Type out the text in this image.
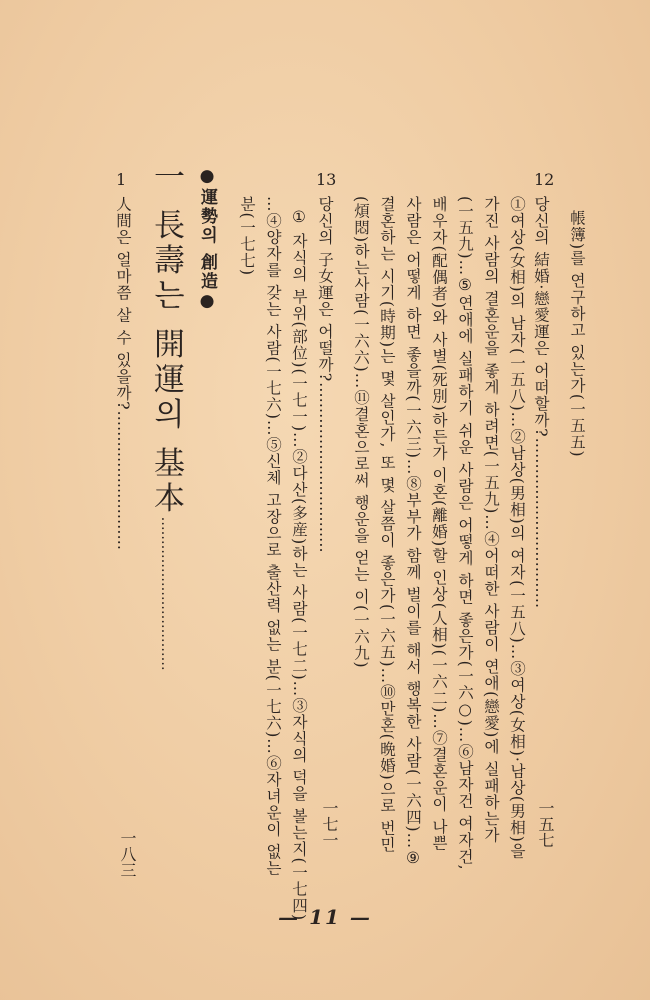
帳簿)를 연구하고 있는가(一五五)
12
당신의 結婚·戀愛運은 어떠할까?……………………………
一五七
①여상(女相)의 남자(一五八)…②남상(男相)의 여자(一五八)…③여상(女相)·남상(男相)을
가진 사람의 결혼운을 좋게 하려면(一五九)…④어떠한 사람이 연애(戀愛)에 실패하는가
(一五九)…⑤연애에 실패하기 쉬운 사람은 어떻게 하면 좋은가(一六○)…⑥남자건 여자건,
배우자(配偶者)와 사별(死別)하든가 이혼(離婚)할 인상(人相)(一六二)…⑦결혼운이 나쁜
사람은 어떻게 하면 좋을까(一六三)…⑧부부가 함께 벌이를 해서 행복한 사람(一六四)…⑨
결혼하는 시기(時期)는 몇 살인가, 또 몇 살쯤이 좋은가(一六五)…⑩만혼(晩婚)으로 번민
(煩悶)하는사람(一六六)…⑪결혼으로써 행운을 얻는 이(一六九)
13
당신의 子女運은 어떨까?……………………………
一七一
① 자식의 부위(部位)(一七一)…②다산(多産)하는 사람(一七二)…③자식의 덕을 볼는지(一七四)
…④양자를 갖는 사람(一七六)…⑤신체 고장으로 출산력 없는 분(一七六)…⑥자녀운이 없는
분(一七七)
●運勢의 創造●
一 長壽는 開運의 基本……………………………
1
人間은 얼마쯤 살 수 있을까?………………………
一八三
— 11 —
